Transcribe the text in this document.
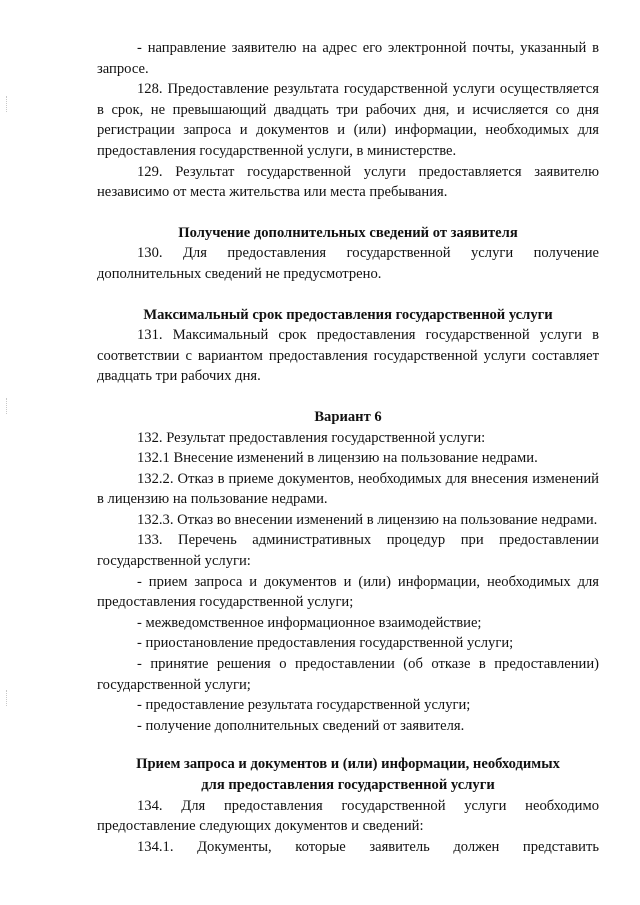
- направление заявителю на адрес его электронной почты, указанный в запросе.

128. Предоставление результата государственной услуги осуществляется в срок, не превышающий двадцать три рабочих дня, и исчисляется со дня регистрации запроса и документов и (или) информации, необходимых для предоставления государственной услуги, в министерстве.

129. Результат государственной услуги предоставляется заявителю независимо от места жительства или места пребывания.

Получение дополнительных сведений от заявителя

130. Для предоставления государственной услуги получение дополнительных сведений не предусмотрено.

Максимальный срок предоставления государственной услуги

131. Максимальный срок предоставления государственной услуги в соответствии с вариантом предоставления государственной услуги составляет двадцать три рабочих дня.

Вариант 6

132. Результат предоставления государственной услуги:

132.1 Внесение изменений в лицензию на пользование недрами.

132.2. Отказ в приеме документов, необходимых для внесения изменений в лицензию на пользование недрами.

132.3. Отказ во внесении изменений в лицензию на пользование недрами.

133. Перечень административных процедур при предоставлении государственной услуги:

- прием запроса и документов и (или) информации, необходимых для предоставления государственной услуги;

- межведомственное информационное взаимодействие;

- приостановление предоставления государственной услуги;

- принятие решения о предоставлении (об отказе в предоставлении) государственной услуги;

- предоставление результата государственной услуги;

- получение дополнительных сведений от заявителя.

Прием запроса и документов и (или) информации, необходимых
для предоставления государственной услуги

134. Для предоставления государственной услуги необходимо предоставление следующих документов и сведений:

134.1. Документы, которые заявитель должен представить
